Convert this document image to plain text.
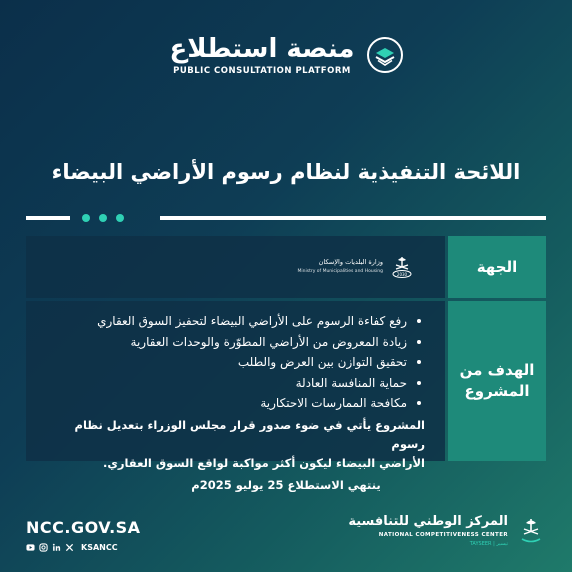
منصة استطلاع
PUBLIC CONSULTATION PLATFORM
اللائحة التنفيذية لنظام رسوم الأراضي البيضاء
الجهة
2030
وزارة البلديات والإسكان
Ministry of Municipalities and Housing
الهدف من
المشروع
رفع كفاءة الرسوم على الأراضي البيضاء لتحفيز السوق العقاري
زيادة المعروض من الأراضي المطوّرة والوحدات العقارية
تحقيق التوازن بين العرض والطلب
حماية المنافسة العادلة
مكافحة الممارسات الاحتكارية
المشروع يأتي في ضوء صدور قرار مجلس الوزراء بتعديل نظام رسوم
الأراضي البيضاء ليكون أكثر مواكبة لواقع السوق العقاري.
ينتهي الاستطلاع 25 يوليو 2025م
NCC.GOV.SA
KSANCC
المركز الوطني للتنافسية
NATIONAL COMPETITIVENESS CENTER
TAYSEER | تيسير
